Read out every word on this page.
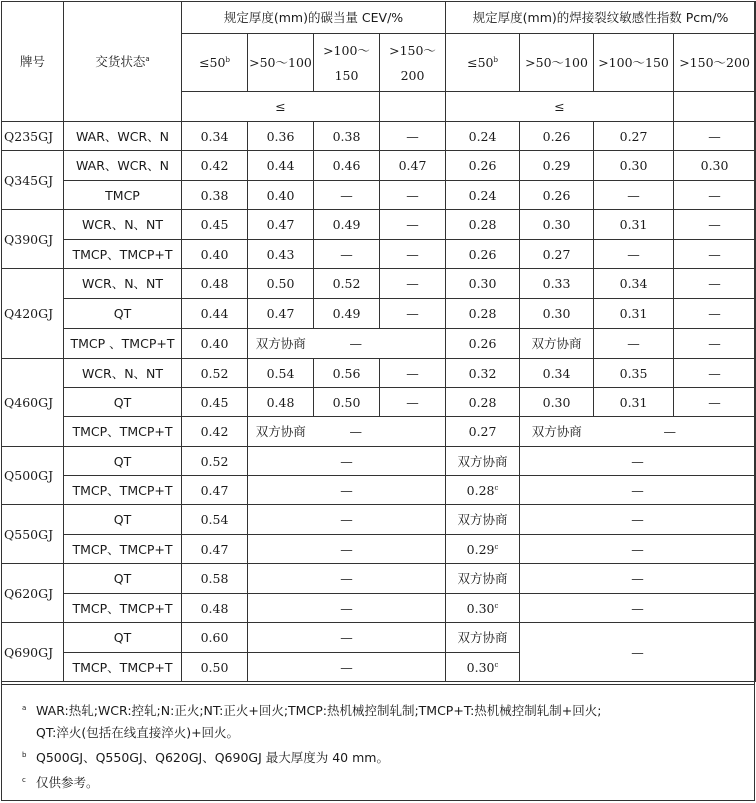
牌号	交货状态$^a$	规定厚度(mm)的碳当量 CEV/%				规定厚度(mm)的焊接裂纹敏感性指数 Pcm/%			
		$\le 50^b$	>50～100	>100～150	>150～200	$\le 50^b$	>50～100	>100～150	>150～200
		≤				≤			
Q235GJ	WAR、WCR、N	0.34	0.36	0.38	—	0.24	0.26	0.27	—
Q345GJ	WAR、WCR、N	0.42	0.44	0.46	0.47	0.26	0.29	0.30	0.30
	TMCP	0.38	0.40	—	—	0.24	0.26	—	—
Q390GJ	WCR、N、NT	0.45	0.47	0.49	—	0.28	0.30	0.31	—
	TMCP、TMCP+T	0.40	0.43	—	—	0.26	0.27	—	—
Q420GJ	WCR、N、NT	0.48	0.50	0.52	—	0.30	0.33	0.34	—
	QT	0.44	0.47	0.49	—	0.28	0.30	0.31	—
	TMCP 、TMCP+T	0.40	双方协商	—		0.26	双方协商	—	—
Q460GJ	WCR、N、NT	0.52	0.54	0.56	—	0.32	0.34	0.35	—
	QT	0.45	0.48	0.50	—	0.28	0.30	0.31	—
	TMCP、TMCP+T	0.42	双方协商	—		0.27	双方协商	—	
Q500GJ	QT	0.52	—			双方协商	—		
	TMCP、TMCP+T	0.47	—			0.28$^c$	—		
Q550GJ	QT	0.54	—			双方协商	—		
	TMCP、TMCP+T	0.47	—			0.29$^c$	—		
Q620GJ	QT	0.58	—			双方协商	—		
	TMCP、TMCP+T	0.48	—			0.30$^c$	—		
Q690GJ	QT	0.60	—			双方协商	—		
	TMCP、TMCP+T	0.50	—			0.30$^c$
a WAR:热轧;WCR:控轧;N:正火;NT:正火+回火;TMCP:热机械控制轧制;TMCP+T:热机械控制轧制+回火;
QT:淬火(包括在线直接淬火)+回火。
b Q500GJ、Q550GJ、Q620GJ、Q690GJ 最大厚度为 40 mm。
c 仅供参考。
